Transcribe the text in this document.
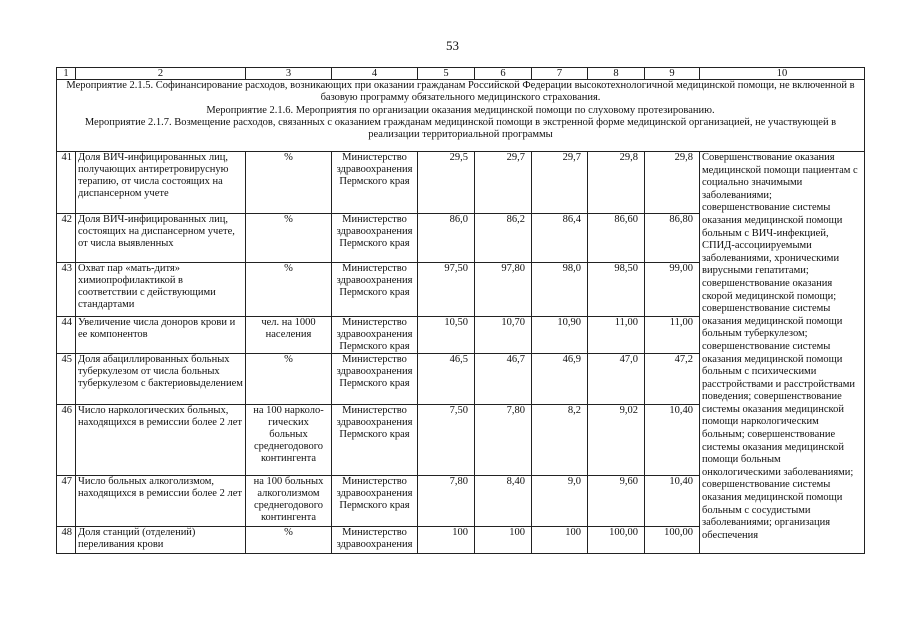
53
1	2	3	4	5	6	7	8	9	10

Мероприятие 2.1.5. Софинансирование расходов, возникающих при оказании гражданам Российской Федерации высокотехнологичной медицинской помощи, не включенной в базовую программу обязательного медицинского страхования.
Мероприятие 2.1.6. Мероприятия по организации оказания медицинской помощи по слуховому протезированию.
Мероприятие 2.1.7. Возмещение расходов, связанных с оказанием гражданам медицинской помощи в экстренной форме медицинской организацией, не участвующей в реализации территориальной программы									

41	Доля ВИЧ-инфицированных лиц, получающих антиретровирусную терапию, от числа состоящих на диспансерном учете	%	Министерство здравоохранения Пермского края	29,5	29,7	29,7	29,8	29,8	Совершенствование оказания медицинской помощи пациентам с социально значимыми заболеваниями; совершенствование системы оказания медицинской помощи больным с ВИЧ-инфекцией, СПИД-ассоциируемыми заболеваниями, хроническими вирусными гепатитами; совершенствование оказания скорой медицинской помощи; совершенствование системы оказания медицинской помощи больным туберкулезом; совершенствование системы оказания медицинской помощи больным с психическими расстройствами и расстройствами поведения; совершенствование системы оказания медицинской помощи наркологическим больным; совершенствование системы оказания медицинской помощи больным онкологическими заболеваниями; совершенствование системы оказания медицинской помощи больным с сосудистыми заболеваниями; организация обеспечения
42	Доля ВИЧ-инфицированных лиц, состоящих на диспансерном учете, от числа выявленных	%	Министерство здравоохранения Пермского края	86,0	86,2	86,4	86,60	86,80	
43	Охват пар «мать-дитя» химиопрофилактикой в соответствии с действующими стандартами	%	Министерство здравоохранения Пермского края	97,50	97,80	98,0	98,50	99,00	
44	Увеличение числа доноров крови и ее компонентов	чел. на 1000 населения	Министерство здравоохранения Пермского края	10,50	10,70	10,90	11,00	11,00	
45	Доля абациллированных больных туберкулезом от числа больных туберкулезом с бактериовыделением	%	Министерство здравоохранения Пермского края	46,5	46,7	46,9	47,0	47,2	
46	Число наркологических больных, находящихся в ремиссии более 2 лет	на 100 нарколо-гических больных среднегодового контингента	Министерство здравоохранения Пермского края	7,50	7,80	8,2	9,02	10,40	
47	Число больных алкоголизмом, находящихся в ремиссии более 2 лет	на 100 больных алкоголизмом среднегодового контингента	Министерство здравоохранения Пермского края	7,80	8,40	9,0	9,60	10,40	
48	Доля станций (отделений) переливания крови	%	Министерство здравоохранения	100	100	100	100,00	100,00	
